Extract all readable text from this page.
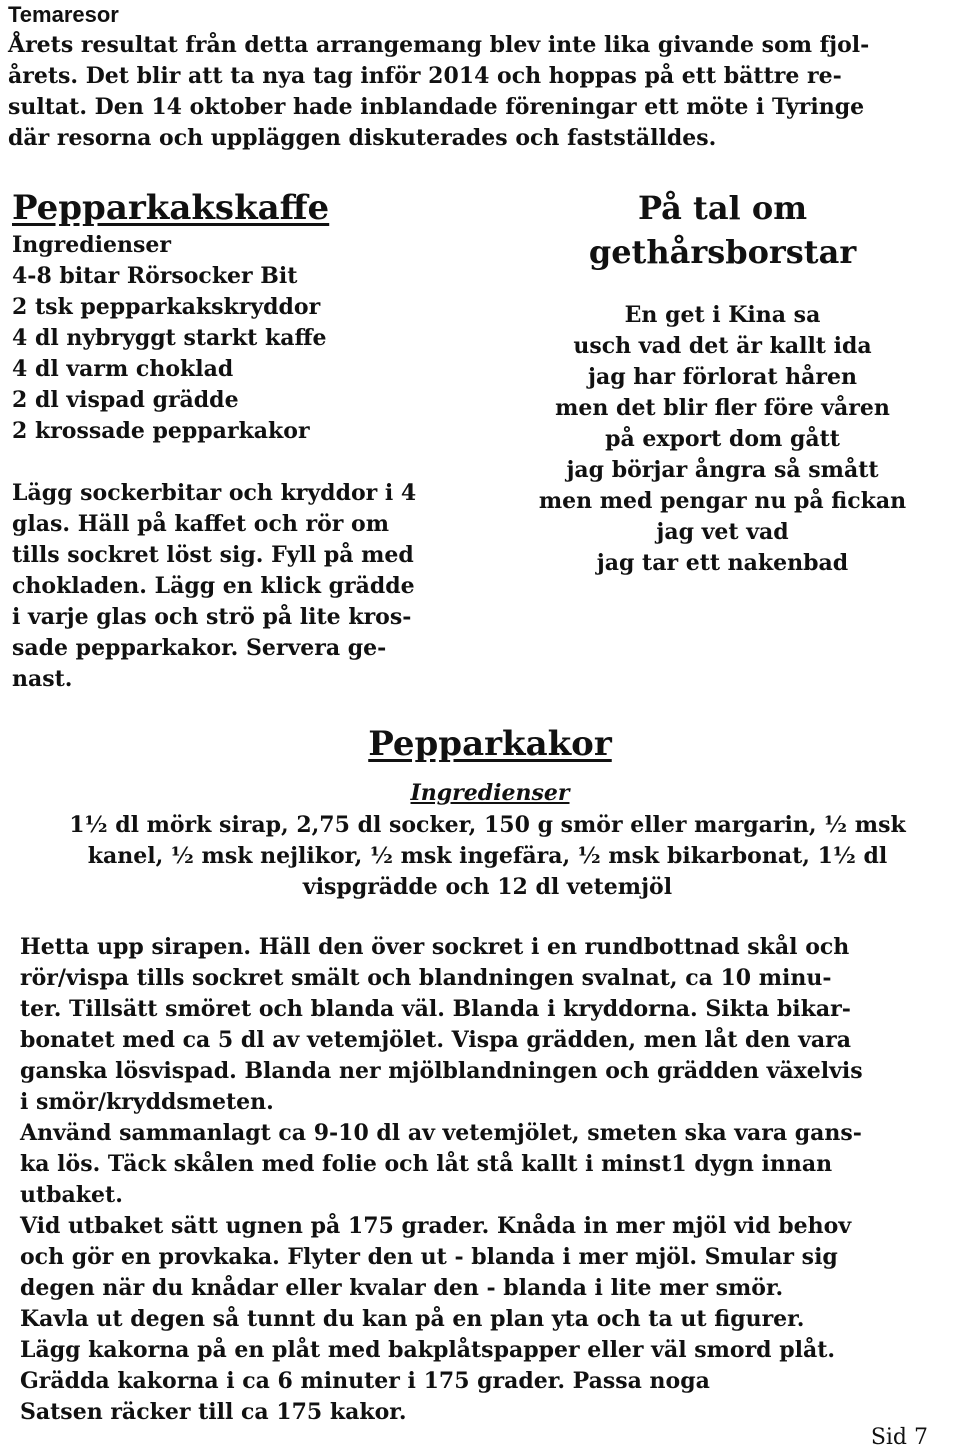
Temaresor
Årets resultat från detta arrangemang blev inte lika givande som fjol-
årets. Det blir att ta nya tag inför 2014 och hoppas på ett bättre re-
sultat. Den 14 oktober hade inblandade föreningar ett möte i Tyringe
där resorna och uppläggen diskuterades och fastställdes.
Pepparkakskaffe
Ingredienser
4-8 bitar Rörsocker Bit
2 tsk pepparkakskryddor
4 dl nybryggt starkt kaffe
4 dl varm choklad
2 dl vispad grädde
2 krossade pepparkakor
Lägg sockerbitar och kryddor i 4
glas. Häll på kaffet och rör om
tills sockret löst sig. Fyll på med
chokladen. Lägg en klick grädde
i varje glas och strö på lite kros-
sade pepparkakor. Servera ge-
nast.
På tal om
gethårsborstar
En get i Kina sa
usch vad det är kallt ida
jag har förlorat håren
men det blir fler före våren
på export dom gått
jag börjar ångra så smått
men med pengar nu på fickan
jag vet vad
jag tar ett nakenbad
Pepparkakor
Ingredienser
1½ dl mörk sirap, 2,75 dl socker, 150 g smör eller margarin, ½ msk
kanel, ½ msk nejlikor, ½ msk ingefära, ½ msk bikarbonat, 1½ dl
vispgrädde och 12 dl vetemjöl
Hetta upp sirapen. Häll den över sockret i en rundbottnad skål och
rör/vispa tills sockret smält och blandningen svalnat, ca 10 minu-
ter. Tillsätt smöret och blanda väl. Blanda i kryddorna. Sikta bikar-
bonatet med ca 5 dl av vetemjölet. Vispa grädden, men låt den vara
ganska lösvispad. Blanda ner mjölblandningen och grädden växelvis
i smör/kryddsmeten.
Använd sammanlagt ca 9-10 dl av vetemjölet, smeten ska vara gans-
ka lös. Täck skålen med folie och låt stå kallt i minst1 dygn innan
utbaket.
Vid utbaket sätt ugnen på 175 grader. Knåda in mer mjöl vid behov
och gör en provkaka. Flyter den ut - blanda i mer mjöl. Smular sig
degen när du knådar eller kvalar den - blanda i lite mer smör.
Kavla ut degen så tunnt du kan på en plan yta och ta ut figurer.
Lägg kakorna på en plåt med bakplåtspapper eller väl smord plåt.
Grädda kakorna i ca 6 minuter i 175 grader. Passa noga
Satsen räcker till ca 175 kakor.
Sid 7
